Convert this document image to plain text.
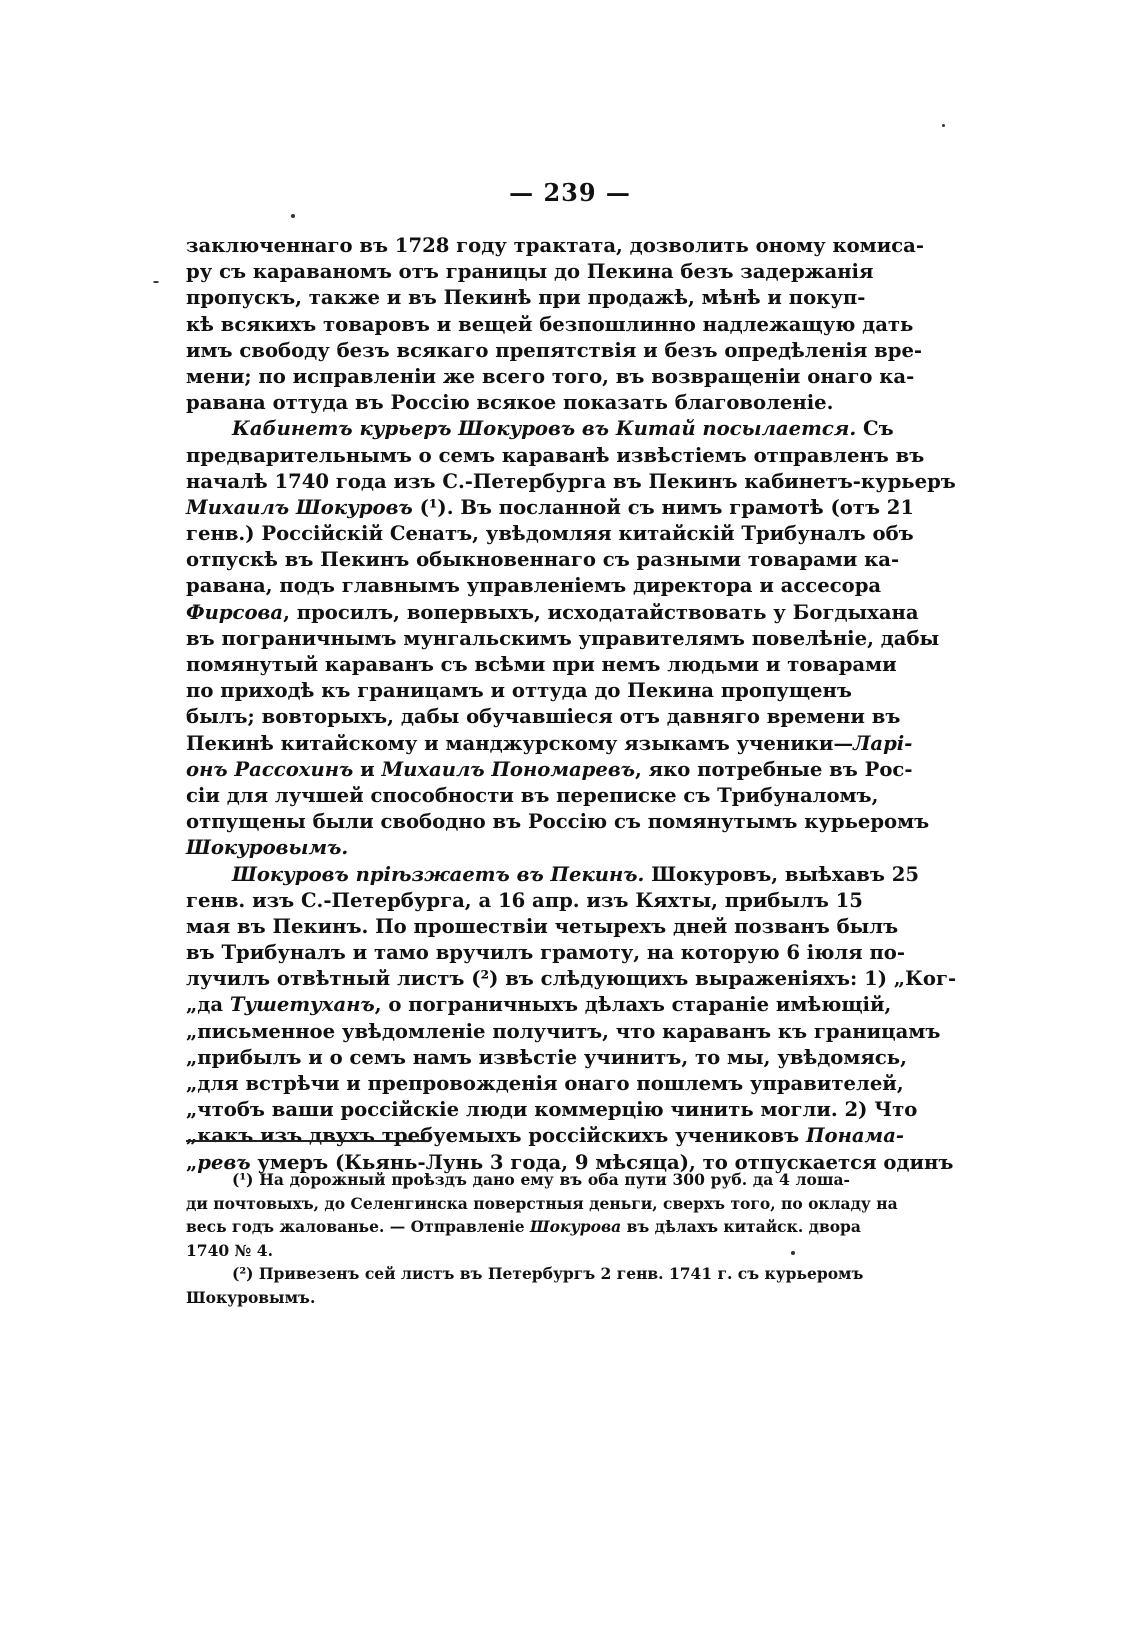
— 239 —
заключеннаго въ 1728 году трактата, дозволить оному комиса-
ру съ караваномъ отъ границы до Пекина безъ задержанія
пропускъ, также и въ Пекинѣ при продажѣ, мѣнѣ и покуп-
кѣ всякихъ товаровъ и вещей безпошлинно надлежащую дать
имъ свободу безъ всякаго препятствія и безъ опредѣленія вре-
мени; по исправленіи же всего того, въ возвращеніи онаго ка-
равана оттуда въ Россію всякое показать благоволеніе.
Кабинетъ курьеръ Шокуровъ въ Китай посылается. Съ
предварительнымъ о семъ караванѣ извѣстіемъ отправленъ въ
началѣ 1740 года изъ С.-Петербурга въ Пекинъ кабинетъ-курьеръ
Михаилъ Шокуровъ (¹). Въ посланной съ нимъ грамотѣ (отъ 21
генв.) Россійскій Сенатъ, увѣдомляя китайскій Трибуналъ объ
отпускѣ въ Пекинъ обыкновеннаго съ разными товарами ка-
равана, подъ главнымъ управленіемъ директора и ассесора
Фирсова, просилъ, вопервыхъ, исходатайствовать у Богдыхана
въ пограничнымъ мунгальскимъ управителямъ повелѣніе, дабы
помянутый караванъ съ всѣми при немъ людьми и товарами
по приходѣ къ границамъ и оттуда до Пекина пропущенъ
былъ; вовторыхъ, дабы обучавшіеся отъ давняго времени въ
Пекинѣ китайскому и манджурскому языкамъ ученики—Ларі-
онъ Рассохинъ и Михаилъ Пономаревъ, яко потребные въ Рос-
сіи для лучшей способности въ переписке съ Трибуналомъ,
отпущены были свободно въ Россію съ помянутымъ курьеромъ
Шокуровымъ.
Шокуровъ пріѣзжаетъ въ Пекинъ. Шокуровъ, выѣхавъ 25
генв. изъ С.-Петербурга, а 16 апр. изъ Кяхты, прибылъ 15
мая въ Пекинъ. По прошествіи четырехъ дней позванъ былъ
въ Трибуналъ и тамо вручилъ грамоту, на которую 6 іюля по-
лучилъ отвѣтный листъ (²) въ слѣдующихъ выраженіяхъ: 1) „Ког-
„да Тушетуханъ, о пограничныхъ дѣлахъ стараніе имѣющій,
„письменное увѣдомленіе получитъ, что караванъ къ границамъ
„прибылъ и о семъ намъ извѣстіе учинитъ, то мы, увѣдомясь,
„для встрѣчи и препровожденія онаго пошлемъ управителей,
„чтобъ ваши россійскіе люди коммерцію чинить могли. 2) Что
„какъ изъ двухъ требуемыхъ россійскихъ учениковъ Понама-
„ревъ умеръ (Кьянь-Лунь 3 года, 9 мѣсяца), то отпускается одинъ
(¹) На дорожный проѣздъ дано ему въ оба пути 300 руб. да 4 лоша-
ди почтовыхъ, до Селенгинска поверстныя деньги, сверхъ того, по окладу на
весь годъ жалованье. — Отправленіе Шокурова въ дѣлахъ китайск. двора
1740 № 4.
(²) Привезенъ сей листъ въ Петербургъ 2 генв. 1741 г. съ курьеромъ
Шокуровымъ.
